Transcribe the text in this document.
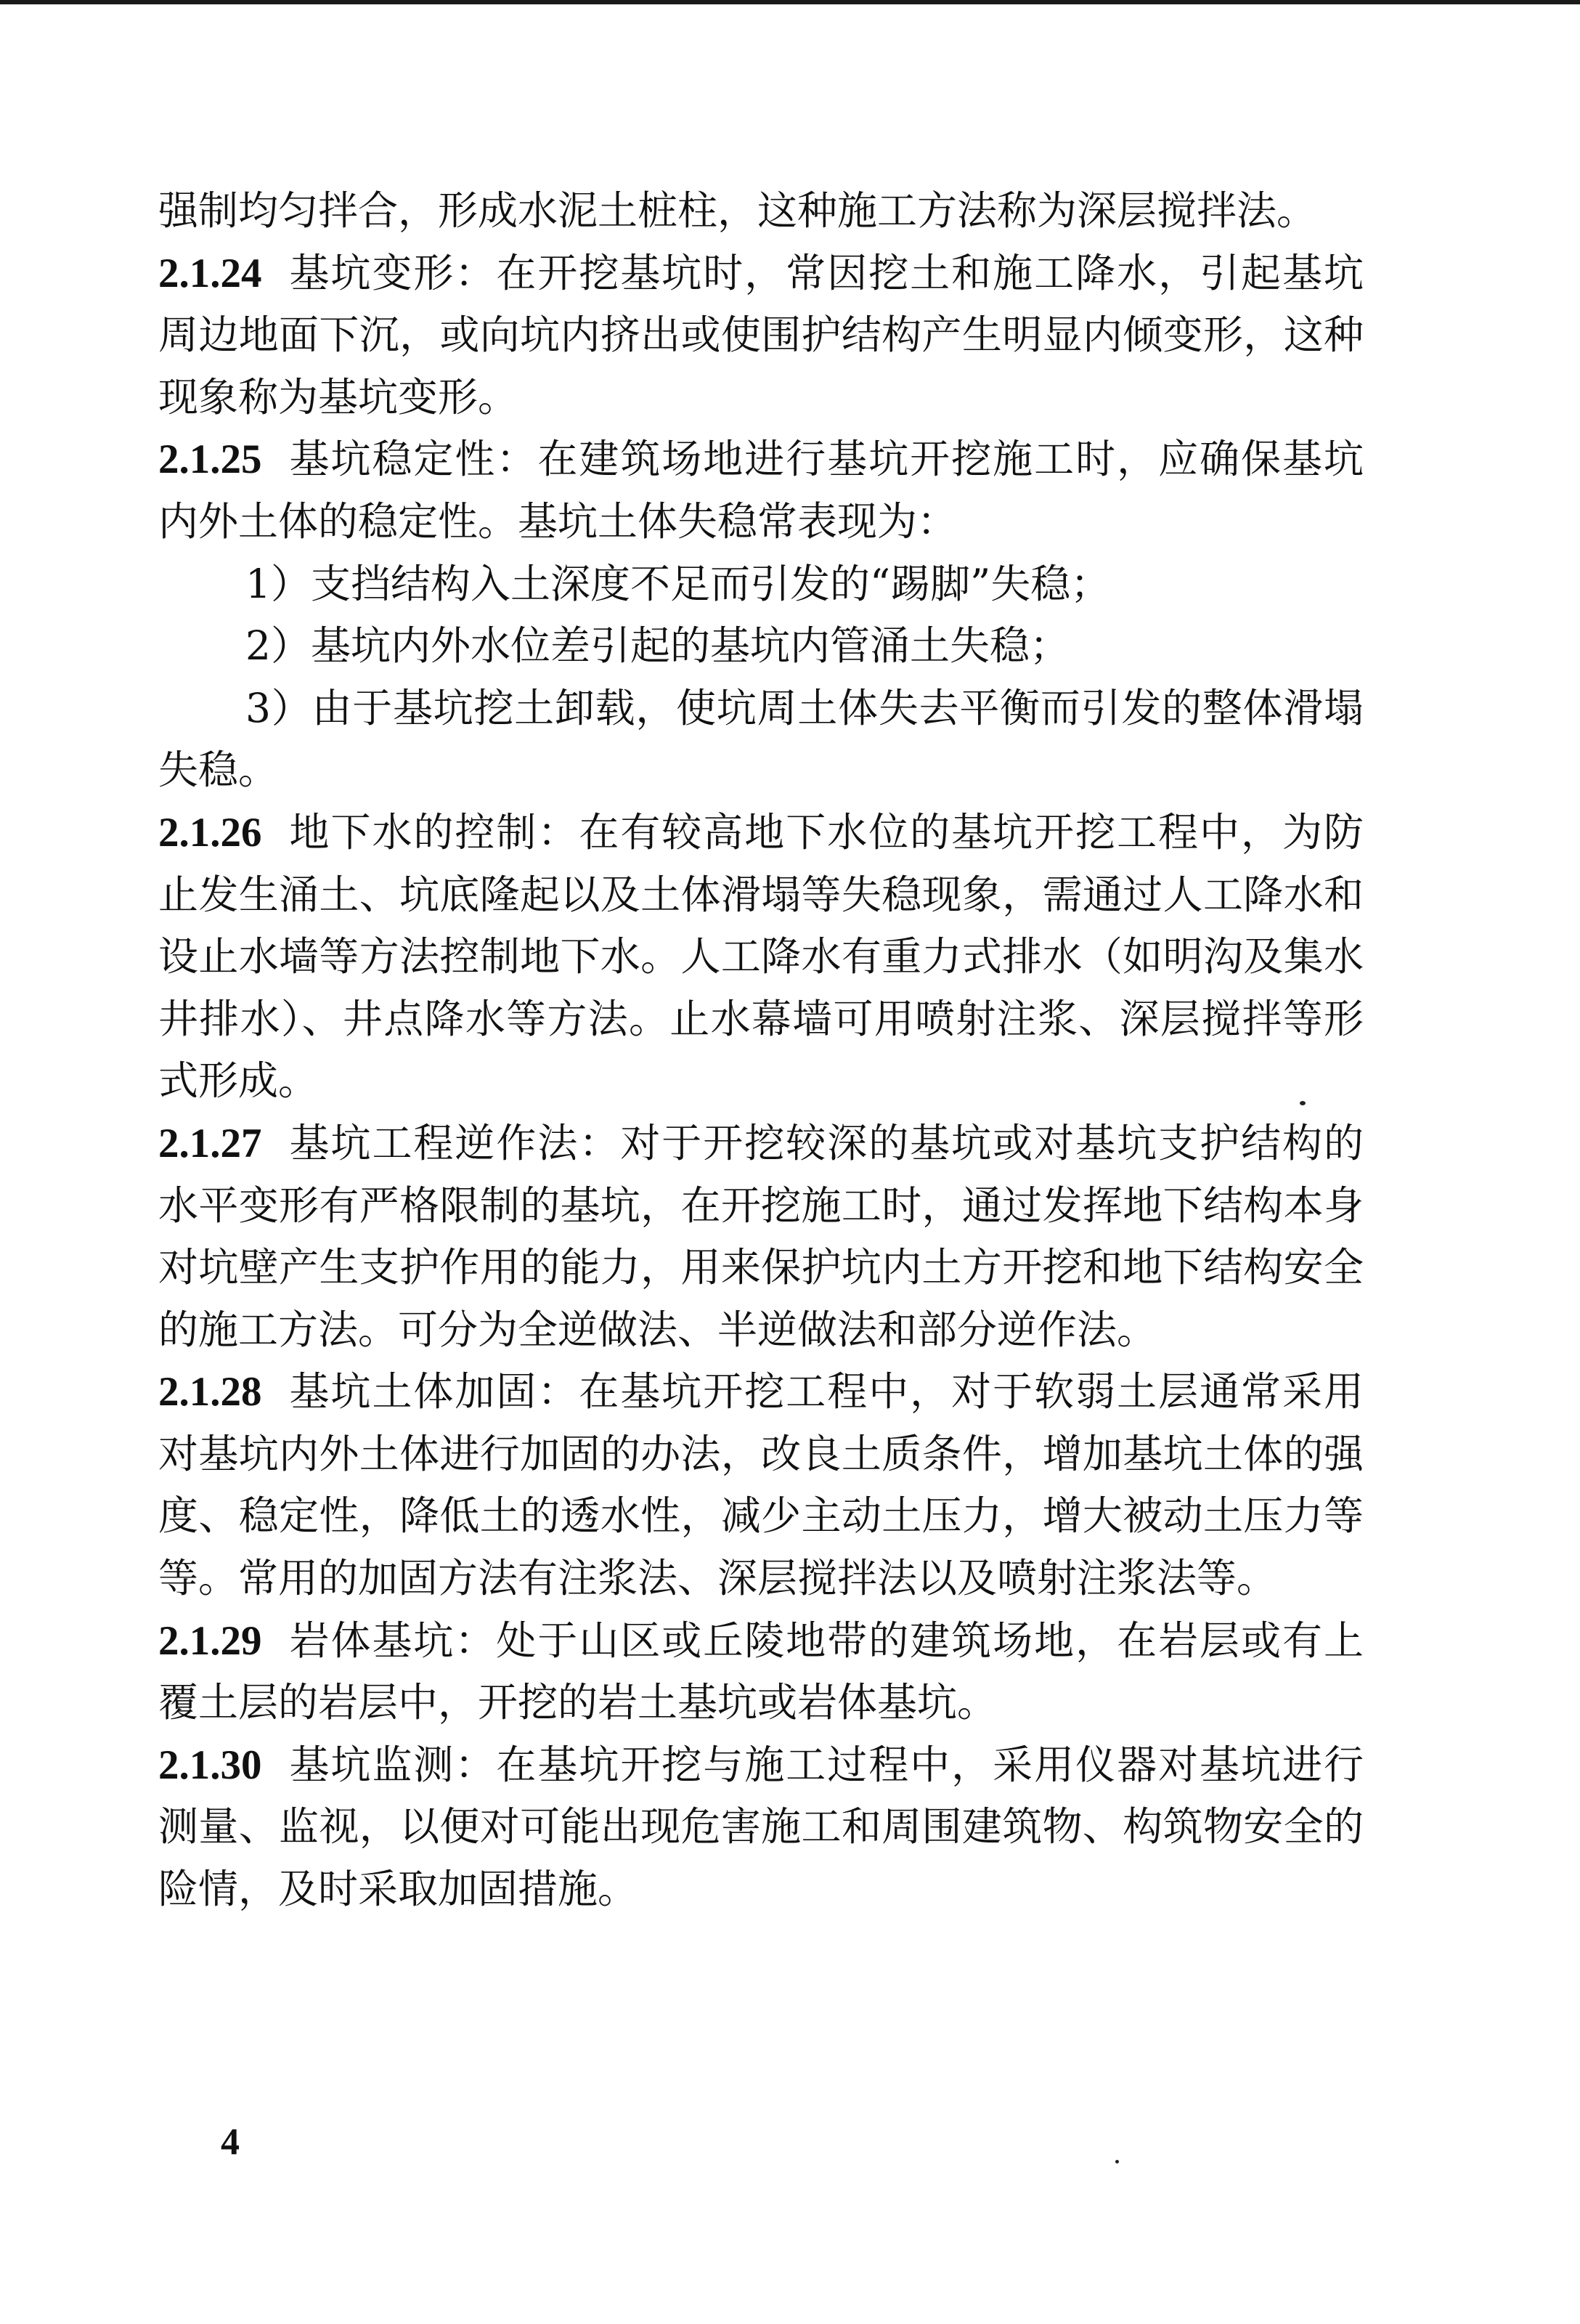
强制均匀拌合，形成水泥土桩柱，这种施工方法称为深层搅拌法。

2.1.24 基坑变形：在开挖基坑时，常因挖土和施工降水，引起基坑周边地面下沉，或向坑内挤出或使围护结构产生明显内倾变形，这种现象称为基坑变形。

2.1.25 基坑稳定性：在建筑场地进行基坑开挖施工时，应确保基坑内外土体的稳定性。基坑土体失稳常表现为：

1）支挡结构入土深度不足而引发的“踢脚”失稳；

2）基坑内外水位差引起的基坑内管涌土失稳；

3）由于基坑挖土卸载，使坑周土体失去平衡而引发的整体滑塌失稳。

2.1.26 地下水的控制：在有较高地下水位的基坑开挖工程中，为防止发生涌土、坑底隆起以及土体滑塌等失稳现象，需通过人工降水和设止水墙等方法控制地下水。人工降水有重力式排水（如明沟及集水井排水）、井点降水等方法。止水幕墙可用喷射注浆、深层搅拌等形式形成。

2.1.27 基坑工程逆作法：对于开挖较深的基坑或对基坑支护结构的水平变形有严格限制的基坑，在开挖施工时，通过发挥地下结构本身对坑壁产生支护作用的能力，用来保护坑内土方开挖和地下结构安全的施工方法。可分为全逆做法、半逆做法和部分逆作法。

2.1.28 基坑土体加固：在基坑开挖工程中，对于软弱土层通常采用对基坑内外土体进行加固的办法，改良土质条件，增加基坑土体的强度、稳定性，降低土的透水性，减少主动土压力，增大被动土压力等等。常用的加固方法有注浆法、深层搅拌法以及喷射注浆法等。

2.1.29 岩体基坑：处于山区或丘陵地带的建筑场地，在岩层或有上覆土层的岩层中，开挖的岩土基坑或岩体基坑。

2.1.30 基坑监测：在基坑开挖与施工过程中，采用仪器对基坑进行测量、监视，以便对可能出现危害施工和周围建筑物、构筑物安全的险情，及时采取加固措施。

4
